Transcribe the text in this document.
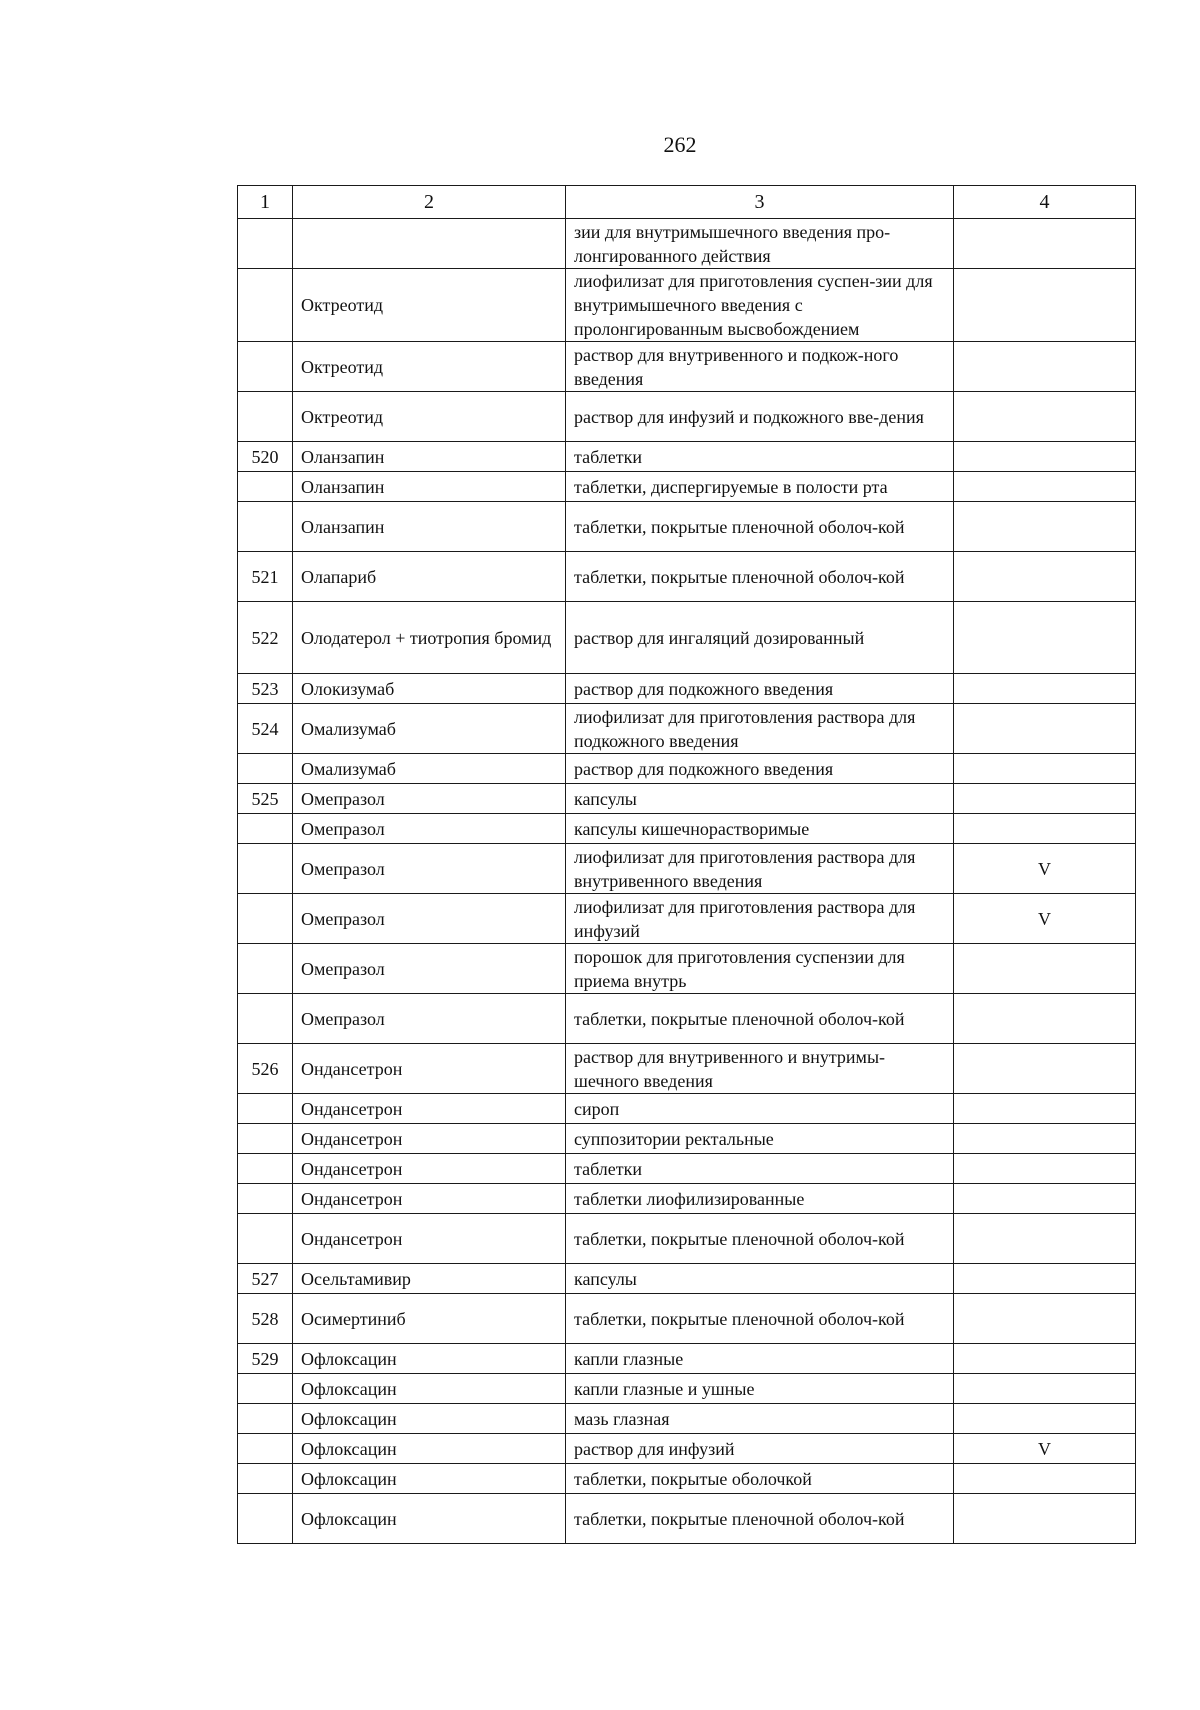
262
1	2	3	4
		зии для внутримышечного введения про-лонгированного действия	
	Октреотид	лиофилизат для приготовления суспен-зии для внутримышечного введения с пролонгированным высвобождением	
	Октреотид	раствор для внутривенного и подкож-ного введения	
	Октреотид	раствор для инфузий и подкожного вве-дения	
520	Оланзапин	таблетки	
	Оланзапин	таблетки, диспергируемые в полости рта	
	Оланзапин	таблетки, покрытые пленочной оболоч-кой	
521	Олапариб	таблетки, покрытые пленочной оболоч-кой	
522	Олодатерол + тиотропия бромид	раствор для ингаляций дозированный	
523	Олокизумаб	раствор для подкожного введения	
524	Омализумаб	лиофилизат для приготовления раствора для подкожного введения	
	Омализумаб	раствор для подкожного введения	
525	Омепразол	капсулы	
	Омепразол	капсулы кишечнорастворимые	
	Омепразол	лиофилизат для приготовления раствора для внутривенного введения	V
	Омепразол	лиофилизат для приготовления раствора для инфузий	V
	Омепразол	порошок для приготовления суспензии для приема внутрь	
	Омепразол	таблетки, покрытые пленочной оболоч-кой	
526	Ондансетрон	раствор для внутривенного и внутримы-шечного введения	
	Ондансетрон	сироп	
	Ондансетрон	суппозитории ректальные	
	Ондансетрон	таблетки	
	Ондансетрон	таблетки лиофилизированные	
	Ондансетрон	таблетки, покрытые пленочной оболоч-кой	
527	Осельтамивир	капсулы	
528	Осимертиниб	таблетки, покрытые пленочной оболоч-кой	
529	Офлоксацин	капли глазные	
	Офлоксацин	капли глазные и ушные	
	Офлоксацин	мазь глазная	
	Офлоксацин	раствор для инфузий	V
	Офлоксацин	таблетки, покрытые оболочкой	
	Офлоксацин	таблетки, покрытые пленочной оболоч-кой	
